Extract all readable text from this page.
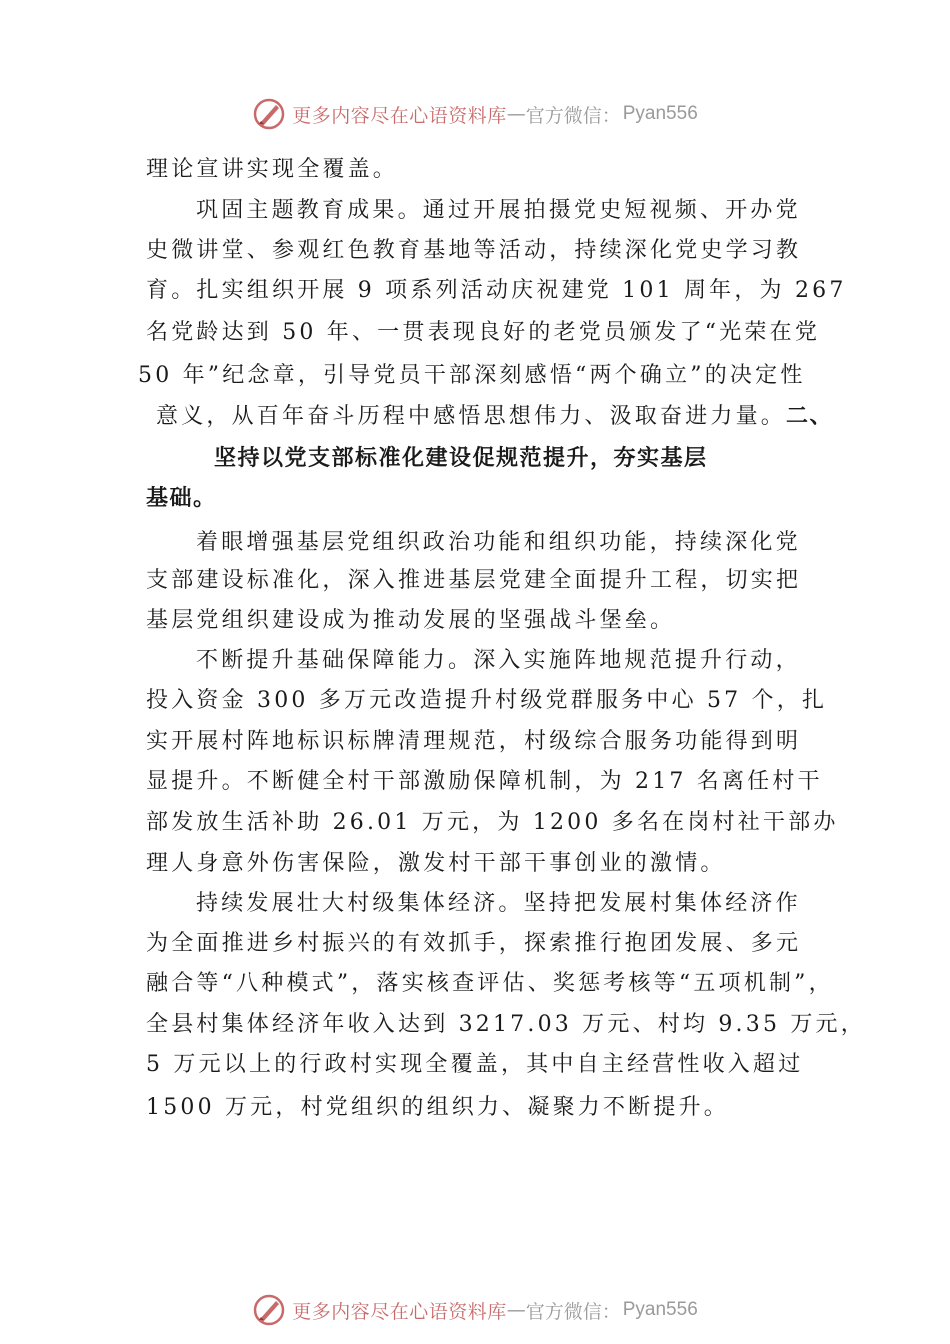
更多内容尽在心语资料库 — 官方微信： Pyan556
理论宣讲实现全覆盖。
巩固主题教育成果。通过开展拍摄党史短视频、开办党
史微讲堂、参观红色教育基地等活动，持续深化党史学习教
育。扎实组织开展 9 项系列活动庆祝建党 101 周年，为 267
名党龄达到 50 年、一贯表现良好的老党员颁发了“光荣在党
50 年”纪念章，引导党员干部深刻感悟“两个确立”的决定性
意义，从百年奋斗历程中感悟思想伟力、汲取奋进力量。 二、
坚持以党支部标准化建设促规范提升，夯实基层
基础。
着眼增强基层党组织政治功能和组织功能，持续深化党
支部建设标准化，深入推进基层党建全面提升工程，切实把
基层党组织建设成为推动发展的坚强战斗堡垒。
不断提升基础保障能力。深入实施阵地规范提升行动，
投入资金 300 多万元改造提升村级党群服务中心 57 个，扎
实开展村阵地标识标牌清理规范，村级综合服务功能得到明
显提升。不断健全村干部激励保障机制，为 217 名离任村干
部发放生活补助 26.01 万元，为 1200 多名在岗村社干部办
理人身意外伤害保险，激发村干部干事创业的激情。
持续发展壮大村级集体经济。坚持把发展村集体经济作
为全面推进乡村振兴的有效抓手，探索推行抱团发展、多元
融合等“八种模式”，落实核查评估、奖惩考核等“五项机制”，
全县村集体经济年收入达到 3217.03 万元、村均 9.35 万元，
5 万元以上的行政村实现全覆盖，其中自主经营性收入超过
1500 万元，村党组织的组织力、凝聚力不断提升。
更多内容尽在心语资料库 — 官方微信： Pyan556
